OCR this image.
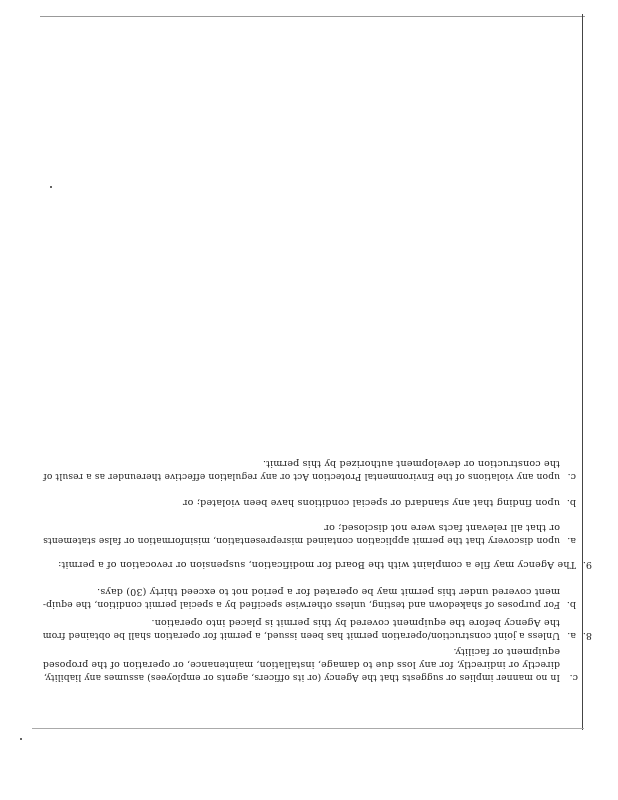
c.
In no manner implies or suggests that the Agency (or its officers, agents or employees) assumes any liability,
directly or indirectly, for any loss due to damage, installation, maintenance, or operation of the proposed
equipment or facility.
8.
a.
Unless a joint construction/operation permit has been issued, a permit for operation shall be obtained from
the Agency before the equipment covered by this permit is placed into operation.
b.
For purposes of shakedown and testing, unless otherwise specified by a special permit condition, the equip-
ment covered under this permit may be operated for a period not to exceed thirty (30) days.
9.
The Agency may file a complaint with the Board for modification, suspension or revocation of a permit:
a.
upon discovery that the permit application contained misrepresentation, misinformation or false statements
or that all relevant facts were not disclosed; or
b.
upon finding that any standard or special conditions have been violated; or
c.
upon any violations of the Environmental Protection Act or any regulation effective thereunder as a result of
the construction or development authorized by this permit.
